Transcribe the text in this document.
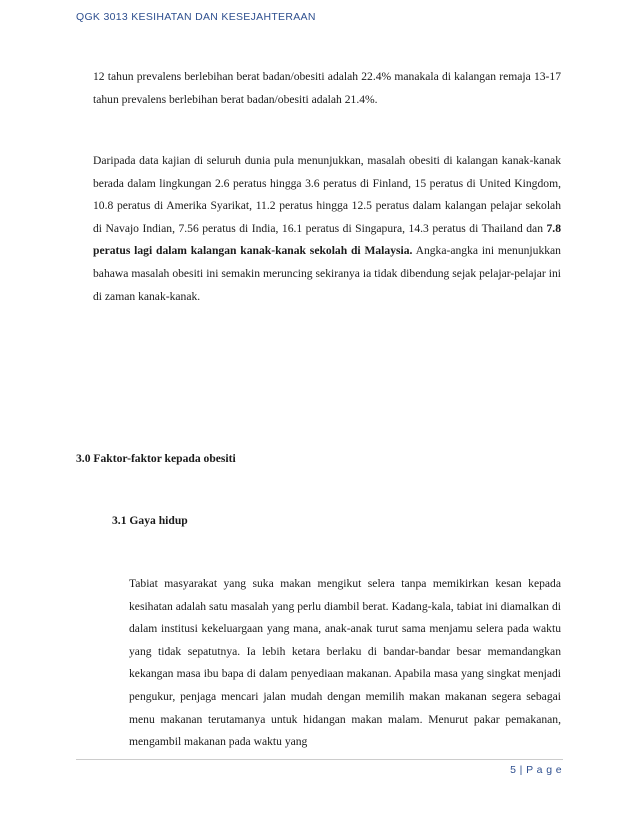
QGK 3013 KESIHATAN DAN KESEJAHTERAAN

12 tahun prevalens berlebihan berat badan/obesiti adalah 22.4% manakala di kalangan remaja 13-17 tahun prevalens berlebihan berat badan/obesiti adalah 21.4%.

Daripada data kajian di seluruh dunia pula menunjukkan, masalah obesiti di kalangan kanak-kanak berada dalam lingkungan 2.6 peratus hingga 3.6 peratus di Finland, 15 peratus di United Kingdom, 10.8 peratus di Amerika Syarikat, 11.2 peratus hingga 12.5 peratus dalam kalangan pelajar sekolah di Navajo Indian, 7.56 peratus di India, 16.1 peratus di Singapura, 14.3 peratus di Thailand dan 7.8 peratus lagi dalam kalangan kanak-kanak sekolah di Malaysia. Angka-angka ini menunjukkan bahawa masalah obesiti ini semakin meruncing sekiranya ia tidak dibendung sejak pelajar-pelajar ini di zaman kanak-kanak.

3.0 Faktor-faktor kepada obesiti
3.1 Gaya hidup

Tabiat masyarakat yang suka makan mengikut selera tanpa memikirkan kesan kepada kesihatan adalah satu masalah yang perlu diambil berat. Kadang-kala, tabiat ini diamalkan di dalam institusi kekeluargaan yang mana, anak-anak turut sama menjamu selera pada waktu yang tidak sepatutnya. Ia lebih ketara berlaku di bandar-bandar besar memandangkan kekangan masa ibu bapa di dalam penyediaan makanan. Apabila masa yang singkat menjadi pengukur, penjaga mencari jalan mudah dengan memilih makan makanan segera sebagai menu makanan terutamanya untuk hidangan makan malam. Menurut pakar pemakanan, mengambil makanan pada waktu yang

5 | P a g e
